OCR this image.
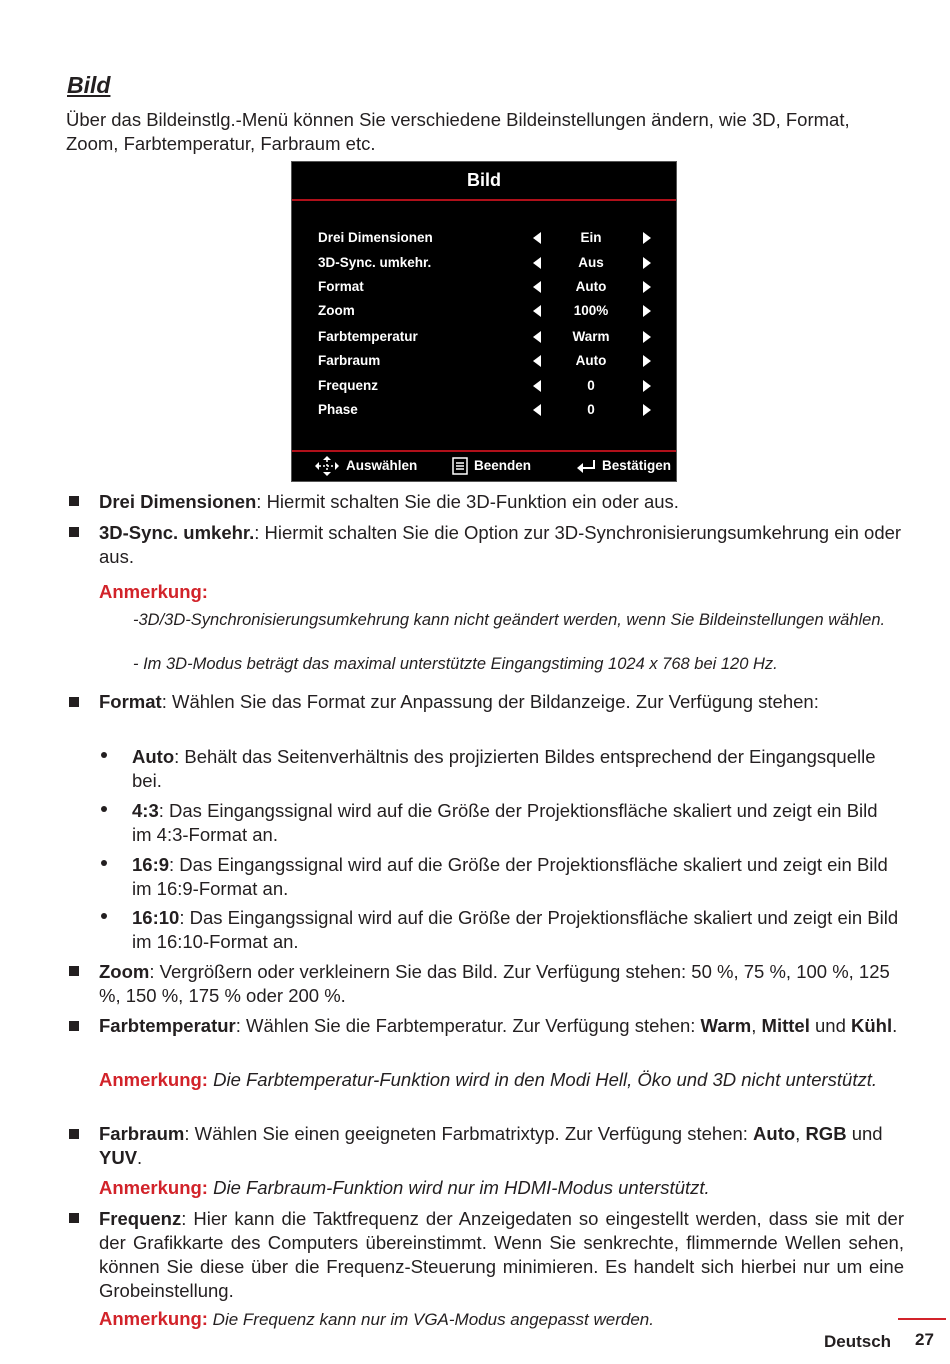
Bild
Über das Bildeinstlg.-Menü können Sie verschiedene Bildeinstellungen ändern, wie 3D, Format, Zoom, Farbtemperatur, Farbraum etc.
Bild
Drei Dimensionen	Ein
3D-Sync. umkehr.	Aus
Format	Auto
Zoom	100%
Farbtemperatur	Warm
Farbraum	Auto
Frequenz	0
Phase	0
Auswählen	Beenden	Bestätigen
Drei Dimensionen: Hiermit schalten Sie die 3D-Funktion ein oder aus.
3D-Sync. umkehr.: Hiermit schalten Sie die Option zur 3D-Synchronisierungsumkehrung ein oder aus.
Anmerkung:
-3D/3D-Synchronisierungsumkehrung kann nicht geändert werden, wenn Sie Bildeinstellungen wählen.
- Im 3D-Modus beträgt das maximal unterstützte Eingangstiming 1024 x 768 bei 120 Hz.
Format: Wählen Sie das Format zur Anpassung der Bildanzeige. Zur Verfügung stehen:
Auto: Behält das Seitenverhältnis des projizierten Bildes entsprechend der Eingangsquelle bei.
4:3: Das Eingangssignal wird auf die Größe der Projektionsfläche skaliert und zeigt ein Bild im 4:3-Format an.
16:9: Das Eingangssignal wird auf die Größe der Projektionsfläche skaliert und zeigt ein Bild im 16:9-Format an.
16:10: Das Eingangssignal wird auf die Größe der Projektionsfläche skaliert und zeigt ein Bild im 16:10-Format an.
Zoom: Vergrößern oder verkleinern Sie das Bild. Zur Verfügung stehen: 50 %, 75 %, 100 %, 125 %, 150 %, 175 % oder 200 %.
Farbtemperatur: Wählen Sie die Farbtemperatur. Zur Verfügung stehen: Warm, Mittel und Kühl.
Anmerkung: Die Farbtemperatur-Funktion wird in den Modi Hell, Öko und 3D nicht unterstützt.
Farbraum: Wählen Sie einen geeigneten Farbmatrixtyp. Zur Verfügung stehen: Auto, RGB und YUV.
Anmerkung: Die Farbraum-Funktion wird nur im HDMI-Modus unterstützt.
Frequenz: Hier kann die Taktfrequenz der Anzeigedaten so eingestellt werden, dass sie mit der der Grafikkarte des Computers übereinstimmt. Wenn Sie senkrechte, flimmernde Wellen sehen, können Sie diese über die Frequenz-Steuerung minimieren. Es handelt sich hierbei nur um eine Grobeinstellung.
Anmerkung: Die Frequenz kann nur im VGA-Modus angepasst werden.
Deutsch 27
